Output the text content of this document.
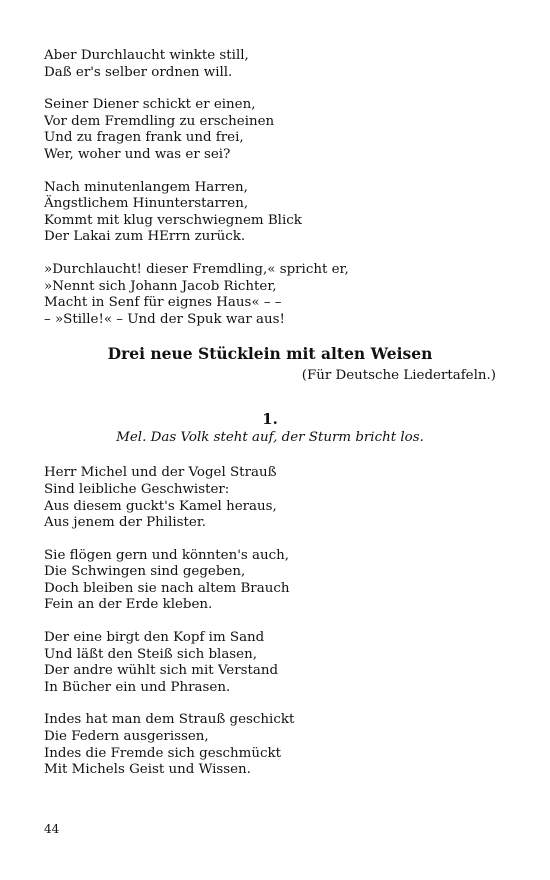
Aber Durchlaucht winkte still,
Daß er's selber ordnen will.
Seiner Diener schickt er einen,
Vor dem Fremdling zu erscheinen
Und zu fragen frank und frei,
Wer, woher und was er sei?
Nach minutenlangem Harren,
Ängstlichem Hinunterstarren,
Kommt mit klug verschwiegnem Blick
Der Lakai zum HErrn zurück.
»Durchlaucht! dieser Fremdling,« spricht er,
»Nennt sich Johann Jacob Richter,
Macht in Senf für eignes Haus« – –
– »Stille!« – Und der Spuk war aus!
Drei neue Stücklein mit alten Weisen
(Für Deutsche Liedertafeln.)
1.
Mel. Das Volk steht auf, der Sturm bricht los.
Herr Michel und der Vogel Strauß
Sind leibliche Geschwister:
Aus diesem guckt's Kamel heraus,
Aus jenem der Philister.
Sie flögen gern und könnten's auch,
Die Schwingen sind gegeben,
Doch bleiben sie nach altem Brauch
Fein an der Erde kleben.
Der eine birgt den Kopf im Sand
Und läßt den Steiß sich blasen,
Der andre wühlt sich mit Verstand
In Bücher ein und Phrasen.
Indes hat man dem Strauß geschickt
Die Federn ausgerissen,
Indes die Fremde sich geschmückt
Mit Michels Geist und Wissen.
44
